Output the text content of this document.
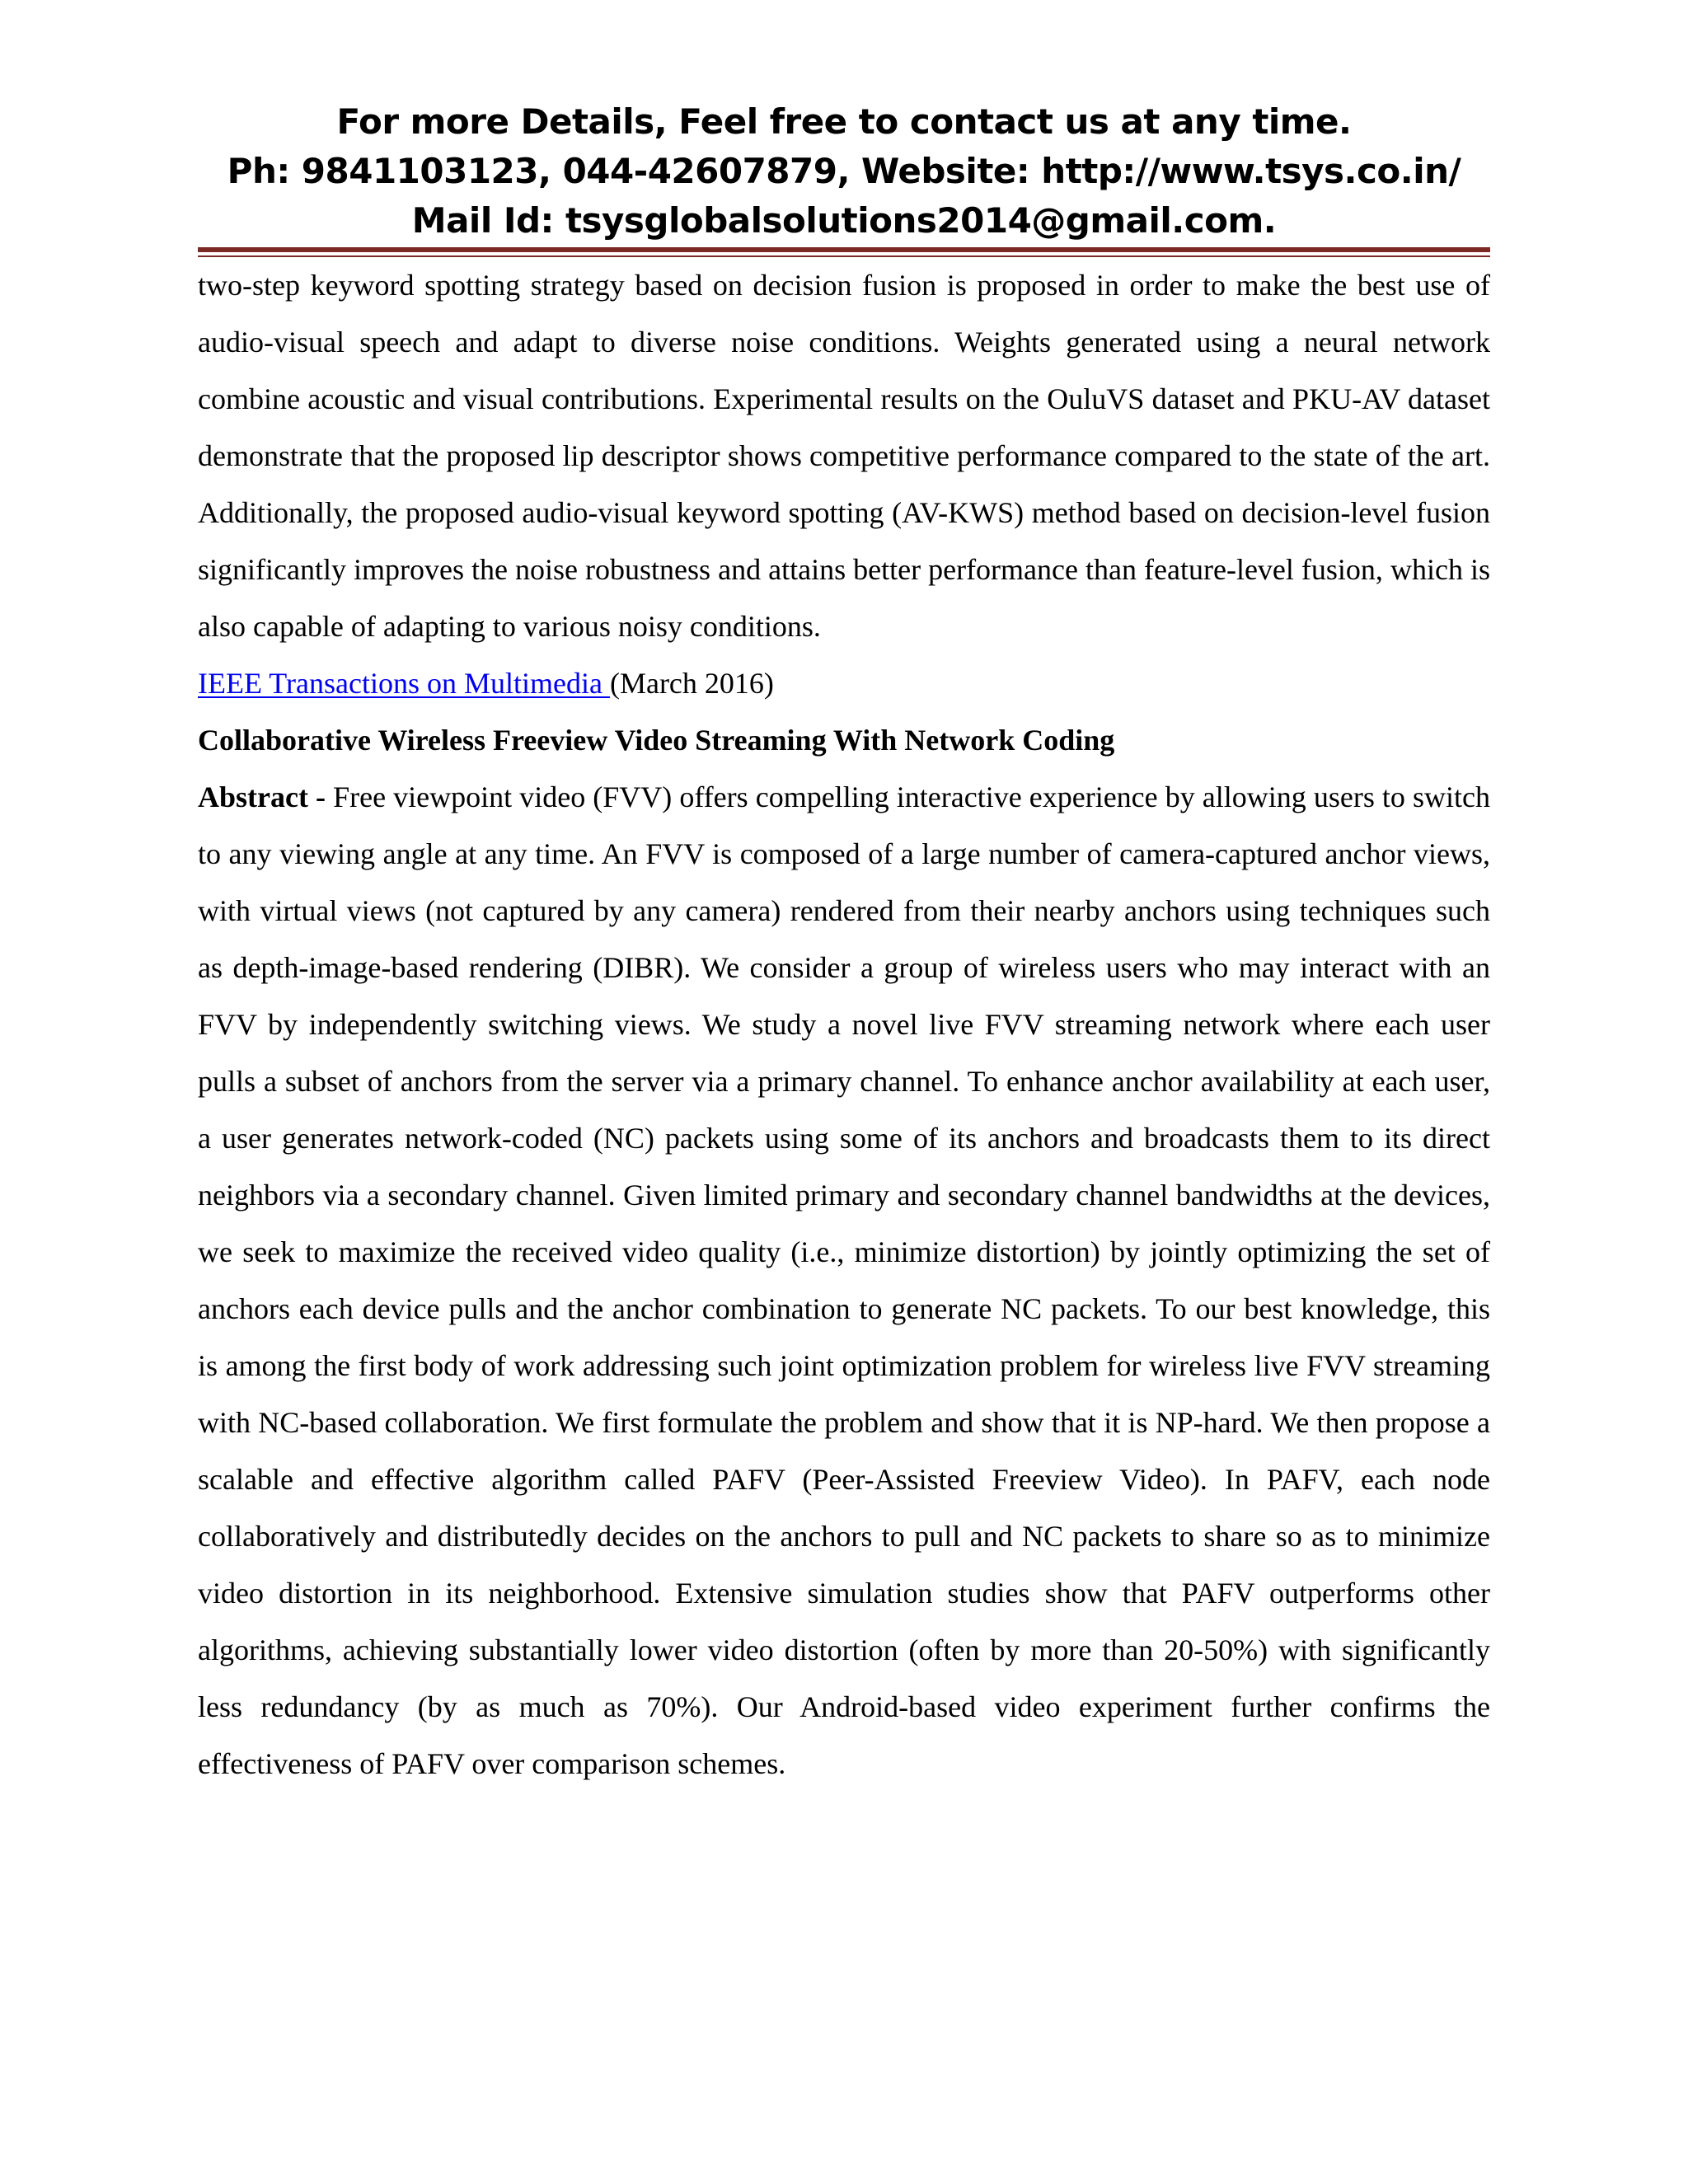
For more Details, Feel free to contact us at any time.
Ph: 9841103123, 044-42607879, Website: http://www.tsys.co.in/
Mail Id: tsysglobalsolutions2014@gmail.com.

two-step keyword spotting strategy based on decision fusion is proposed in order to make the best use of audio-visual speech and adapt to diverse noise conditions. Weights generated using a neural network combine acoustic and visual contributions. Experimental results on the OuluVS dataset and PKU-AV dataset demonstrate that the proposed lip descriptor shows competitive performance compared to the state of the art. Additionally, the proposed audio-visual keyword spotting (AV-KWS) method based on decision-level fusion significantly improves the noise robustness and attains better performance than feature-level fusion, which is also capable of adapting to various noisy conditions.

IEEE Transactions on Multimedia (March 2016)

Collaborative Wireless Freeview Video Streaming With Network Coding

Abstract - Free viewpoint video (FVV) offers compelling interactive experience by allowing users to switch to any viewing angle at any time. An FVV is composed of a large number of camera-captured anchor views, with virtual views (not captured by any camera) rendered from their nearby anchors using techniques such as depth-image-based rendering (DIBR). We consider a group of wireless users who may interact with an FVV by independently switching views. We study a novel live FVV streaming network where each user pulls a subset of anchors from the server via a primary channel. To enhance anchor availability at each user, a user generates network-coded (NC) packets using some of its anchors and broadcasts them to its direct neighbors via a secondary channel. Given limited primary and secondary channel bandwidths at the devices, we seek to maximize the received video quality (i.e., minimize distortion) by jointly optimizing the set of anchors each device pulls and the anchor combination to generate NC packets. To our best knowledge, this is among the first body of work addressing such joint optimization problem for wireless live FVV streaming with NC-based collaboration. We first formulate the problem and show that it is NP-hard. We then propose a scalable and effective algorithm called PAFV (Peer-Assisted Freeview Video). In PAFV, each node collaboratively and distributedly decides on the anchors to pull and NC packets to share so as to minimize video distortion in its neighborhood. Extensive simulation studies show that PAFV outperforms other algorithms, achieving substantially lower video distortion (often by more than 20-50%) with significantly less redundancy (by as much as 70%). Our Android-based video experiment further confirms the effectiveness of PAFV over comparison schemes.
